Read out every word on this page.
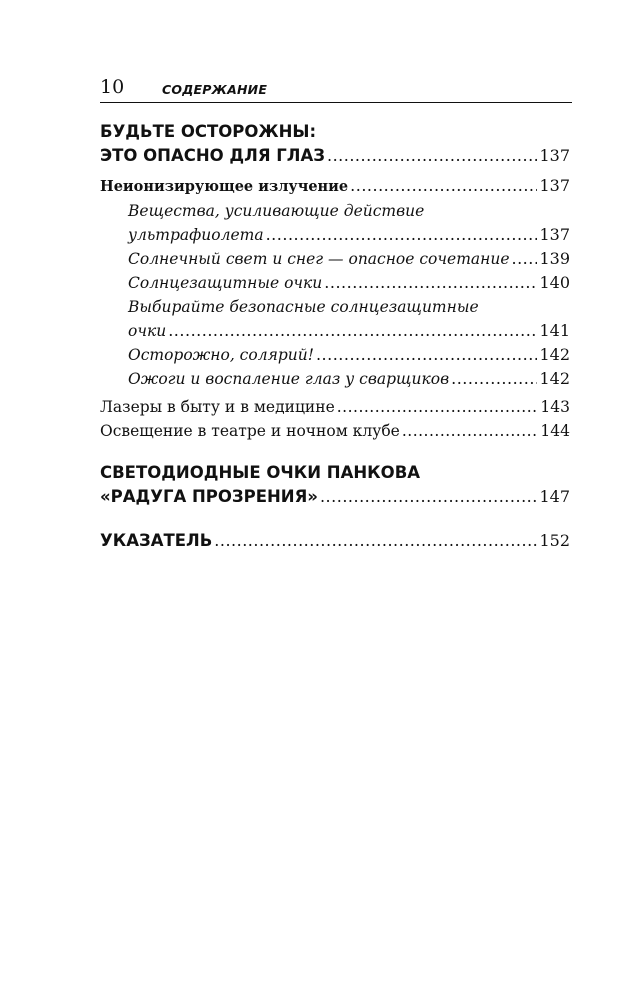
10	СОДЕРЖАНИЕ
БУДЬТЕ ОСТОРОЖНЫ:
ЭТО ОПАСНО ДЛЯ ГЛАЗ .....	137
Неионизирующее излучение .....	137
Вещества, усиливающие действие
ультрафиолета .....	137
Солнечный свет и снег — опасное сочетание ..... 139
Солнцезащитные очки .....	140
Выбирайте безопасные солнцезащитные
очки .....	141
Осторожно, солярий! .....	142
Ожоги и воспаление глаз у сварщиков .....	142
Лазеры в быту и в медицине .....	143
Освещение в театре и ночном клубе .....	144
СВЕТОДИОДНЫЕ ОЧКИ ПАНКОВА
«РАДУГА ПРОЗРЕНИЯ» .....	147
УКАЗАТЕЛЬ .....	152
